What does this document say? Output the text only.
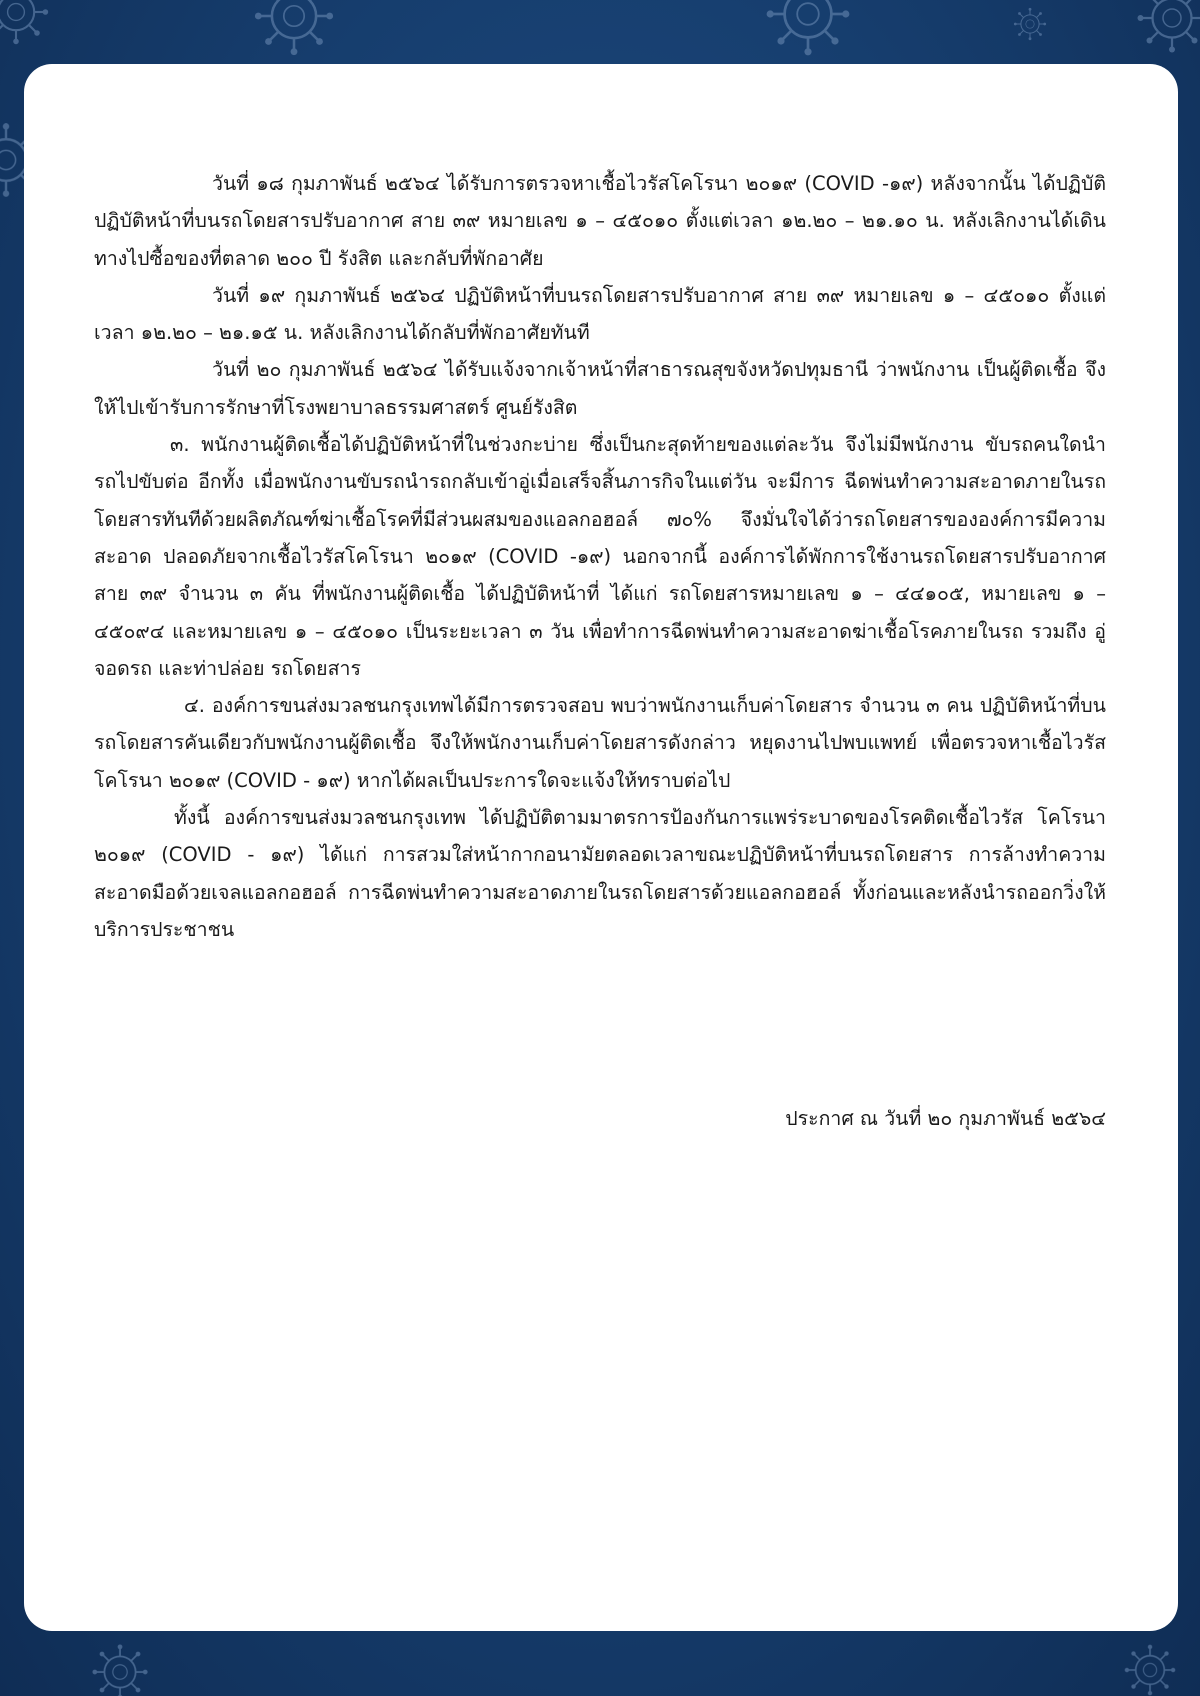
วันที่ ๑๘ กุมภาพันธ์ ๒๕๖๔ ได้รับการตรวจหาเชื้อไวรัสโคโรนา ๒๐๑๙ (COVID -๑๙) หลังจากนั้น ได้ปฏิบัติปฏิบัติหน้าที่บนรถโดยสารปรับอากาศ สาย ๓๙ หมายเลข ๑ – ๔๕๐๑๐ ตั้งแต่เวลา ๑๒.๒๐ – ๒๑.๑๐ น. หลังเลิกงานได้เดินทางไปซื้อของที่ตลาด ๒๐๐ ปี รังสิต และกลับที่พักอาศัย

วันที่ ๑๙ กุมภาพันธ์ ๒๕๖๔ ปฏิบัติหน้าที่บนรถโดยสารปรับอากาศ สาย ๓๙ หมายเลข ๑ – ๔๕๐๑๐ ตั้งแต่เวลา ๑๒.๒๐ – ๒๑.๑๕ น. หลังเลิกงานได้กลับที่พักอาศัยทันที

วันที่ ๒๐ กุมภาพันธ์ ๒๕๖๔ ได้รับแจ้งจากเจ้าหน้าที่สาธารณสุขจังหวัดปทุมธานี ว่าพนักงาน เป็นผู้ติดเชื้อ จึงให้ไปเข้ารับการรักษาที่โรงพยาบาลธรรมศาสตร์ ศูนย์รังสิต

๓. พนักงานผู้ติดเชื้อได้ปฏิบัติหน้าที่ในช่วงกะบ่าย ซึ่งเป็นกะสุดท้ายของแต่ละวัน จึงไม่มีพนักงาน ขับรถคนใดนำรถไปขับต่อ อีกทั้ง เมื่อพนักงานขับรถนำรถกลับเข้าอู่เมื่อเสร็จสิ้นภารกิจในแต่วัน จะมีการ ฉีดพ่นทำความสะอาดภายในรถโดยสารทันทีด้วยผลิตภัณฑ์ฆ่าเชื้อโรคที่มีส่วนผสมของแอลกอฮอล์ ๗๐% จึงมั่นใจได้ว่ารถโดยสารขององค์การมีความสะอาด ปลอดภัยจากเชื้อไวรัสโคโรนา ๒๐๑๙ (COVID -๑๙) นอกจากนี้ องค์การได้พักการใช้งานรถโดยสารปรับอากาศ สาย ๓๙ จำนวน ๓ คัน ที่พนักงานผู้ติดเชื้อ ได้ปฏิบัติหน้าที่ ได้แก่ รถโดยสารหมายเลข ๑ – ๔๔๑๐๕, หมายเลข ๑ – ๔๕๐๙๔ และหมายเลข ๑ – ๔๕๐๑๐ เป็นระยะเวลา ๓ วัน เพื่อทำการฉีดพ่นทำความสะอาดฆ่าเชื้อโรคภายในรถ รวมถึง อู่จอดรถ และท่าปล่อย รถโดยสาร

๔. องค์การขนส่งมวลชนกรุงเทพได้มีการตรวจสอบ พบว่าพนักงานเก็บค่าโดยสาร จำนวน ๓ คน ปฏิบัติหน้าที่บนรถโดยสารคันเดียวกับพนักงานผู้ติดเชื้อ จึงให้พนักงานเก็บค่าโดยสารดังกล่าว หยุดงานไปพบแพทย์ เพื่อตรวจหาเชื้อไวรัสโคโรนา ๒๐๑๙ (COVID - ๑๙) หากได้ผลเป็นประการใดจะแจ้งให้ทราบต่อไป

ทั้งนี้ องค์การขนส่งมวลชนกรุงเทพ ได้ปฏิบัติตามมาตรการป้องกันการแพร่ระบาดของโรคติดเชื้อไวรัส โคโรนา ๒๐๑๙ (COVID - ๑๙) ได้แก่ การสวมใส่หน้ากากอนามัยตลอดเวลาขณะปฏิบัติหน้าที่บนรถโดยสาร การล้างทำความสะอาดมือด้วยเจลแอลกอฮอล์ การฉีดพ่นทำความสะอาดภายในรถโดยสารด้วยแอลกอฮอล์ ทั้งก่อนและหลังนำรถออกวิ่งให้บริการประชาชน

ประกาศ ณ วันที่ ๒๐ กุมภาพันธ์ ๒๕๖๔
